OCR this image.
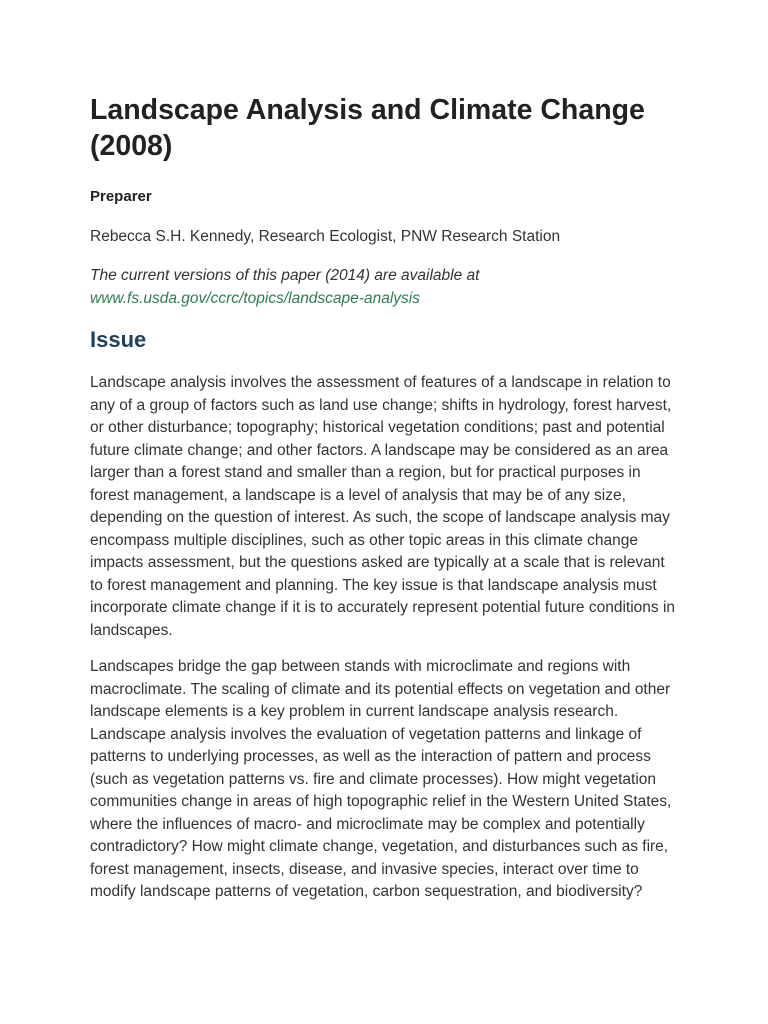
Landscape Analysis and Climate Change (2008)
Preparer

Rebecca S.H. Kennedy, Research Ecologist, PNW Research Station

The current versions of this paper (2014) are available at
www.fs.usda.gov/ccrc/topics/landscape-analysis

Issue

Landscape analysis involves the assessment of features of a landscape in relation to any of a group of factors such as land use change; shifts in hydrology, forest harvest, or other disturbance; topography; historical vegetation conditions; past and potential future climate change; and other factors. A landscape may be considered as an area larger than a forest stand and smaller than a region, but for practical purposes in forest management, a landscape is a level of analysis that may be of any size, depending on the question of interest. As such, the scope of landscape analysis may encompass multiple disciplines, such as other topic areas in this climate change impacts assessment, but the questions asked are typically at a scale that is relevant to forest management and planning. The key issue is that landscape analysis must incorporate climate change if it is to accurately represent potential future conditions in landscapes.

Landscapes bridge the gap between stands with microclimate and regions with macroclimate. The scaling of climate and its potential effects on vegetation and other landscape elements is a key problem in current landscape analysis research. Landscape analysis involves the evaluation of vegetation patterns and linkage of patterns to underlying processes, as well as the interaction of pattern and process (such as vegetation patterns vs. fire and climate processes). How might vegetation communities change in areas of high topographic relief in the Western United States, where the influences of macro- and microclimate may be complex and potentially contradictory? How might climate change, vegetation, and disturbances such as fire, forest management, insects, disease, and invasive species, interact over time to modify landscape patterns of vegetation, carbon sequestration, and biodiversity?
